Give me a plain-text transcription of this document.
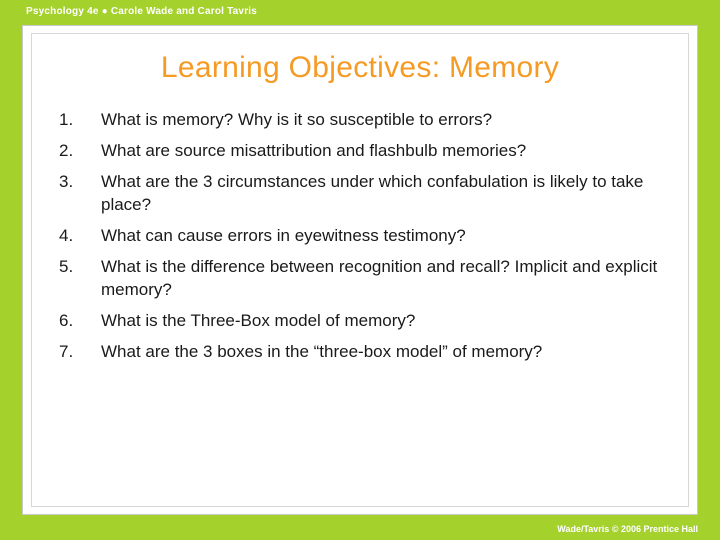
Psychology 4e ● Carole Wade and Carol Tavris
Learning Objectives: Memory
1.	What is memory? Why is it so susceptible to errors?
2.	What are source misattribution and flashbulb memories?
3.	What are the 3 circumstances under which confabulation is likely to take place?
4.	What can cause errors in eyewitness testimony?
5.	What is the difference between recognition and recall? Implicit and explicit memory?
6.	What is the Three-Box model of memory?
7.	What are the 3 boxes in the “three-box model” of memory?
Wade/Tavris © 2006 Prentice Hall
